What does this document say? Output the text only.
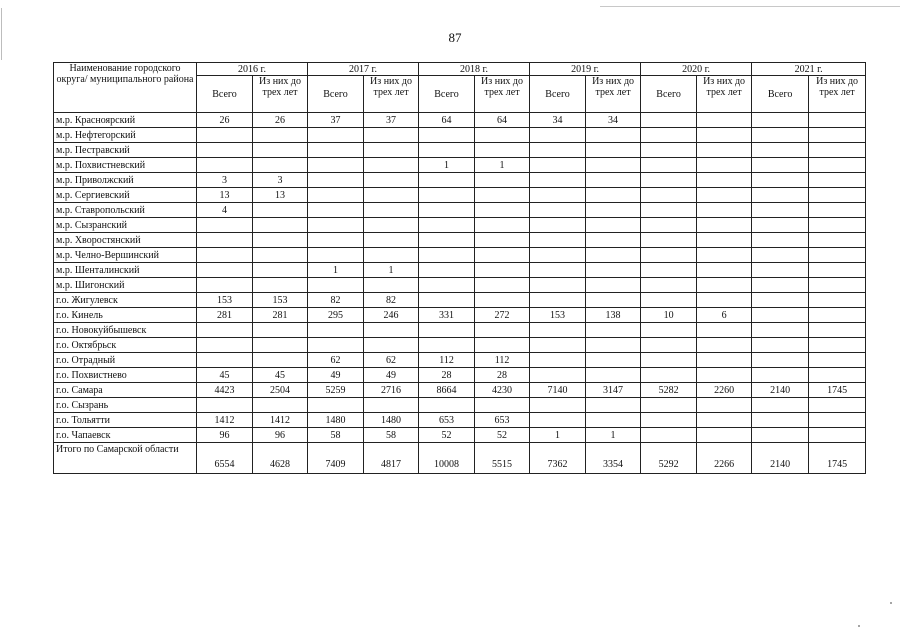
87
Наименование городского округа/ муниципального района	2016 г.		2017 г.		2018 г.		2019 г.		2020 г.		2021 г.	
	Всего	Из них до трех лет	Всего	Из них до трех лет	Всего	Из них до трех лет	Всего	Из них до трех лет	Всего	Из них до трех лет	Всего	Из них до трех лет
м.р. Красноярский	26	26	37	37	64	64	34	34				
м.р. Нефтегорский												
м.р. Пестравский												
м.р. Похвистневский					1	1						
м.р. Приволжский	3	3										
м.р. Сергиевский	13	13										
м.р. Ставропольский	4											
м.р. Сызранский												
м.р. Хворостянский												
м.р. Челно-Вершинский												
м.р. Шенталинский			1	1								
м.р. Шигонский												
г.о. Жигулевск	153	153	82	82								
г.о. Кинель	281	281	295	246	331	272	153	138	10	6		
г.о. Новокуйбышевск												
г.о. Октябрьск												
г.о. Отрадный			62	62	112	112						
г.о. Похвистнево	45	45	49	49	28	28						
г.о. Самара	4423	2504	5259	2716	8664	4230	7140	3147	5282	2260	2140	1745
г.о. Сызрань												
г.о. Тольятти	1412	1412	1480	1480	653	653						
г.о. Чапаевск	96	96	58	58	52	52	1	1				
Итого по Самарской области	6554	4628	7409	4817	10008	5515	7362	3354	5292	2266	2140	1745
